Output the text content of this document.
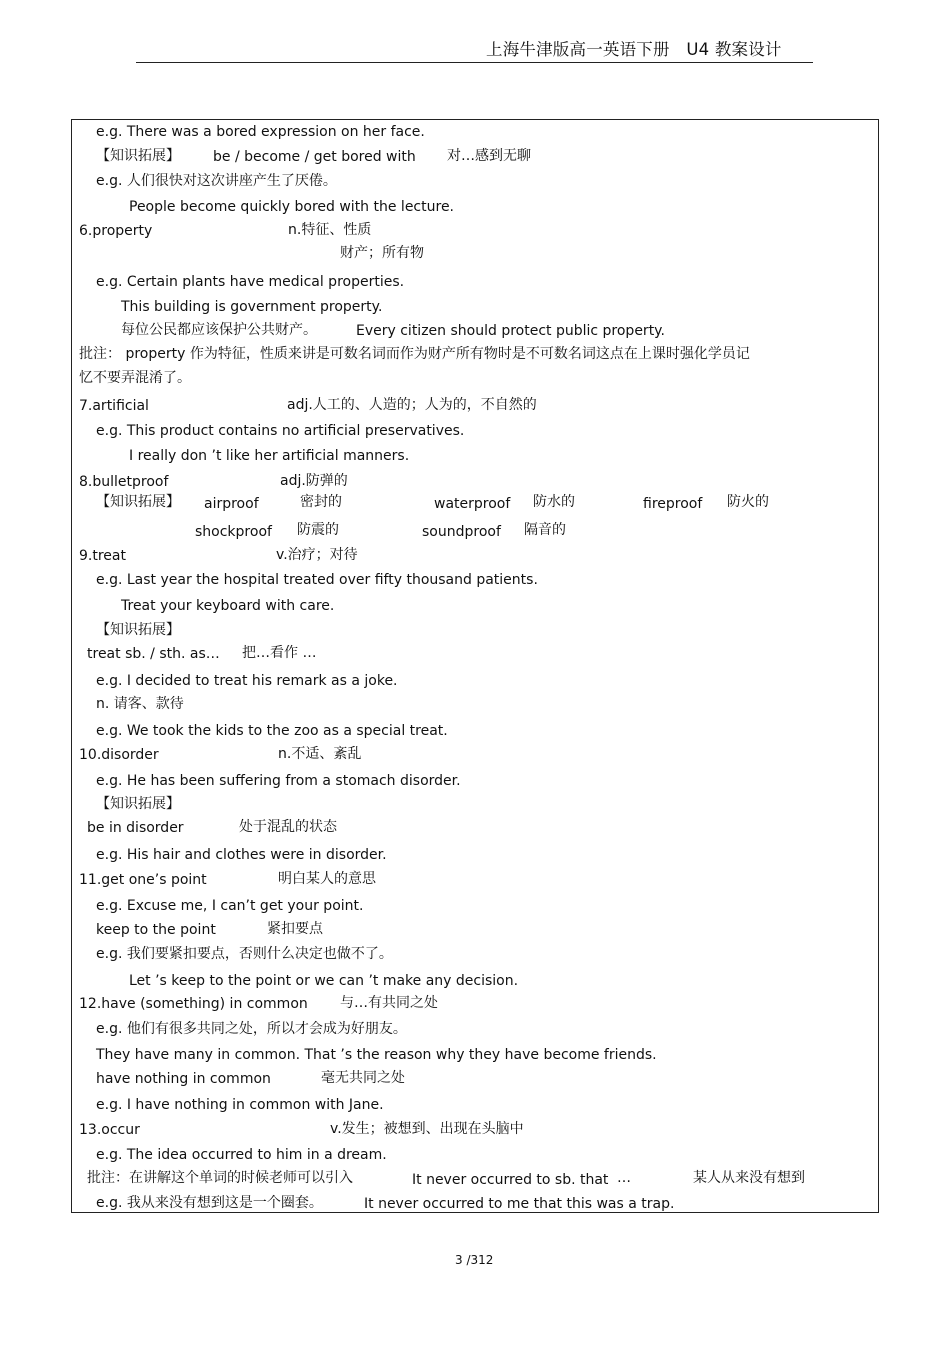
上海牛津版高一英语下册　U4 教案设计
e.g. There was a bored expression on her face.
【知识拓展】 be / become / get bored with 对…感到无聊
e.g. 人们很快对这次讲座产生了厌倦。
People become quickly bored with the lecture.
6.property	n.特征、性质
财产；所有物
e.g. Certain plants have medical properties.
This building is government property.
每位公民都应该保护公共财产。	Every citizen should protect public property.
批注： property 作为特征，性质来讲是可数名词而作为财产所有物时是不可数名词这点在上课时强化学员记
忆不要弄混淆了。
7.artificial	adj.人工的、人造的；人为的，不自然的
e.g. This product contains no artificial preservatives.
I really don ’t like her artificial manners.
8.bulletproof	adj.防弹的
【知识拓展】 airproof	密封的	waterproof 防水的	fireproof 防火的
shockproof 防震的	soundproof 隔音的
9.treat	v.治疗；对待
e.g. Last year the hospital treated over fifty thousand patients.
Treat your keyboard with care.
【知识拓展】
treat sb. / sth. as… 把…看作 …
e.g. I decided to treat his remark as a joke.
n. 请客、款待
e.g. We took the kids to the zoo as a special treat.
10.disorder	n.不适、紊乱
e.g. He has been suffering from a stomach disorder.
【知识拓展】
be in disorder	处于混乱的状态
e.g. His hair and clothes were in disorder.
11.get one’s point	明白某人的意思
e.g. Excuse me, I can’t get your point.
keep to the point	紧扣要点
e.g. 我们要紧扣要点，否则什么决定也做不了。
Let ’s keep to the point or we can ’t make any decision.
12.have (something) in common 与…有共同之处
e.g. 他们有很多共同之处，所以才会成为好朋友。
They have many in common. That ’s the reason why they have become friends.
have nothing in common	毫无共同之处
e.g. I have nothing in common with Jane.
13.occur	v.发生；被想到、出现在头脑中
e.g. The idea occurred to him in a dream.
批注：在讲解这个单词的时候老师可以引入	It never occurred to sb. that …	某人从来没有想到
e.g. 我从来没有想到这是一个圈套。	It never occurred to me that this was a trap.
3 /312
